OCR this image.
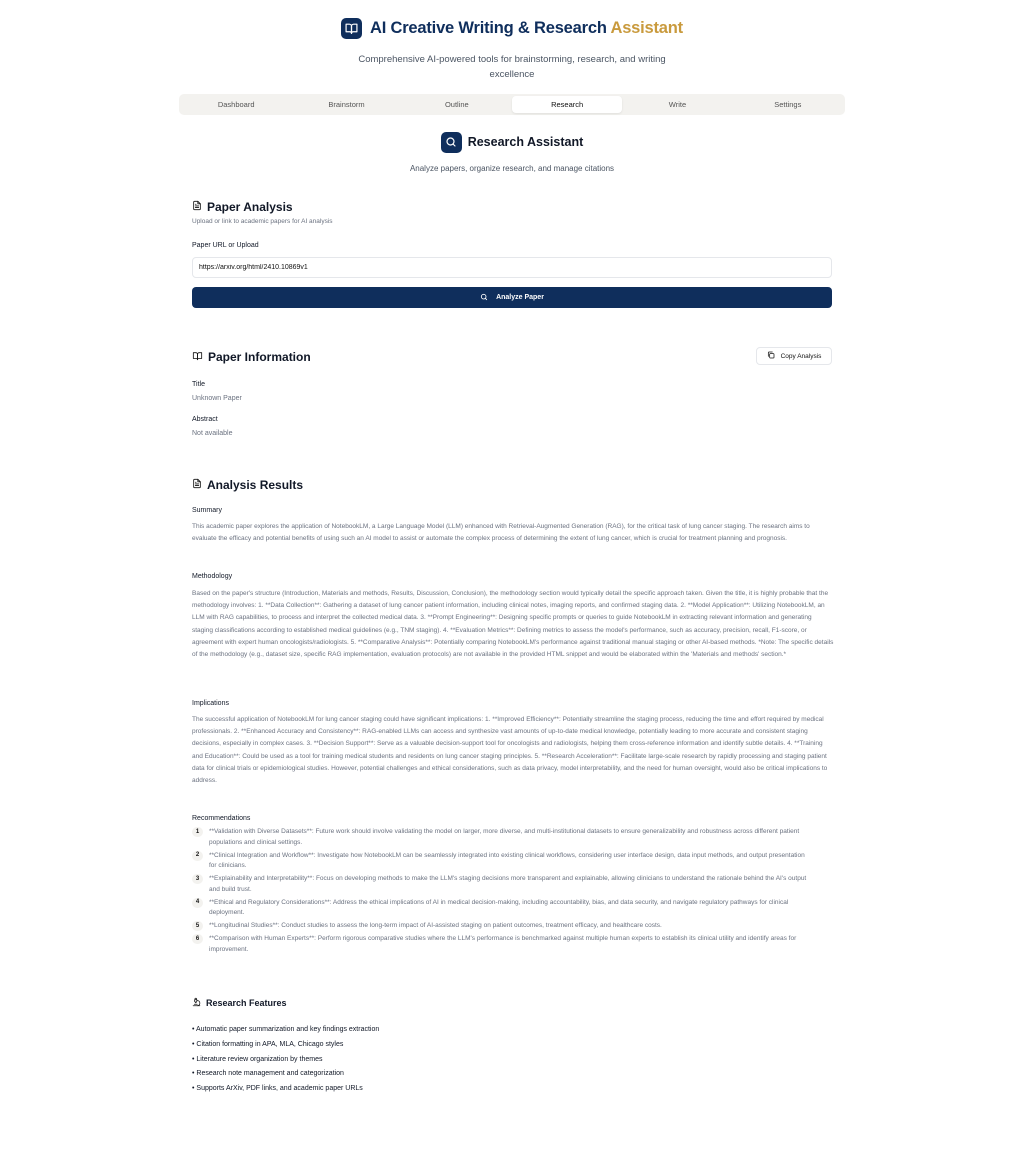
AI Creative Writing & Research Assistant
Comprehensive AI-powered tools for brainstorming, research, and writing excellence
Dashboard	Brainstorm	Outline	Research	Write	Settings
Research Assistant
Analyze papers, organize research, and manage citations
Paper Analysis
Upload or link to academic papers for AI analysis
Paper URL or Upload
https://arxiv.org/html/2410.10869v1
Analyze Paper
Paper Information	Copy Analysis
Title
Unknown Paper
Abstract
Not available
Analysis Results
Summary
This academic paper explores the application of NotebookLM, a Large Language Model (LLM) enhanced with Retrieval-Augmented Generation (RAG), for the critical task of lung cancer staging. The research aims to evaluate the efficacy and potential benefits of using such an AI model to assist or automate the complex process of determining the extent of lung cancer, which is crucial for treatment planning and prognosis.
Methodology
Based on the paper's structure (Introduction, Materials and methods, Results, Discussion, Conclusion), the methodology section would typically detail the specific approach taken. Given the title, it is highly probable that the methodology involves: 1. **Data Collection**: Gathering a dataset of lung cancer patient information, including clinical notes, imaging reports, and confirmed staging data. 2. **Model Application**: Utilizing NotebookLM, an LLM with RAG capabilities, to process and interpret the collected medical data. 3. **Prompt Engineering**: Designing specific prompts or queries to guide NotebookLM in extracting relevant information and generating staging classifications according to established medical guidelines (e.g., TNM staging). 4. **Evaluation Metrics**: Defining metrics to assess the model's performance, such as accuracy, precision, recall, F1-score, or agreement with expert human oncologists/radiologists. 5. **Comparative Analysis**: Potentially comparing NotebookLM's performance against traditional manual staging or other AI-based methods. *Note: The specific details of the methodology (e.g., dataset size, specific RAG implementation, evaluation protocols) are not available in the provided HTML snippet and would be elaborated within the 'Materials and methods' section.*
Implications
The successful application of NotebookLM for lung cancer staging could have significant implications: 1. **Improved Efficiency**: Potentially streamline the staging process, reducing the time and effort required by medical professionals. 2. **Enhanced Accuracy and Consistency**: RAG-enabled LLMs can access and synthesize vast amounts of up-to-date medical knowledge, potentially leading to more accurate and consistent staging decisions, especially in complex cases. 3. **Decision Support**: Serve as a valuable decision-support tool for oncologists and radiologists, helping them cross-reference information and identify subtle details. 4. **Training and Education**: Could be used as a tool for training medical students and residents on lung cancer staging principles. 5. **Research Acceleration**: Facilitate large-scale research by rapidly processing and staging patient data for clinical trials or epidemiological studies. However, potential challenges and ethical considerations, such as data privacy, model interpretability, and the need for human oversight, would also be critical implications to address.
Recommendations
1	**Validation with Diverse Datasets**: Future work should involve validating the model on larger, more diverse, and multi-institutional datasets to ensure generalizability and robustness across different patient populations and clinical settings.
2	**Clinical Integration and Workflow**: Investigate how NotebookLM can be seamlessly integrated into existing clinical workflows, considering user interface design, data input methods, and output presentation for clinicians.
3	**Explainability and Interpretability**: Focus on developing methods to make the LLM's staging decisions more transparent and explainable, allowing clinicians to understand the rationale behind the AI's output and build trust.
4	**Ethical and Regulatory Considerations**: Address the ethical implications of AI in medical decision-making, including accountability, bias, and data security, and navigate regulatory pathways for clinical deployment.
5	**Longitudinal Studies**: Conduct studies to assess the long-term impact of AI-assisted staging on patient outcomes, treatment efficacy, and healthcare costs.
6	**Comparison with Human Experts**: Perform rigorous comparative studies where the LLM's performance is benchmarked against multiple human experts to establish its clinical utility and identify areas for improvement.
Research Features
• Automatic paper summarization and key findings extraction
• Citation formatting in APA, MLA, Chicago styles
• Literature review organization by themes
• Research note management and categorization
• Supports ArXiv, PDF links, and academic paper URLs
